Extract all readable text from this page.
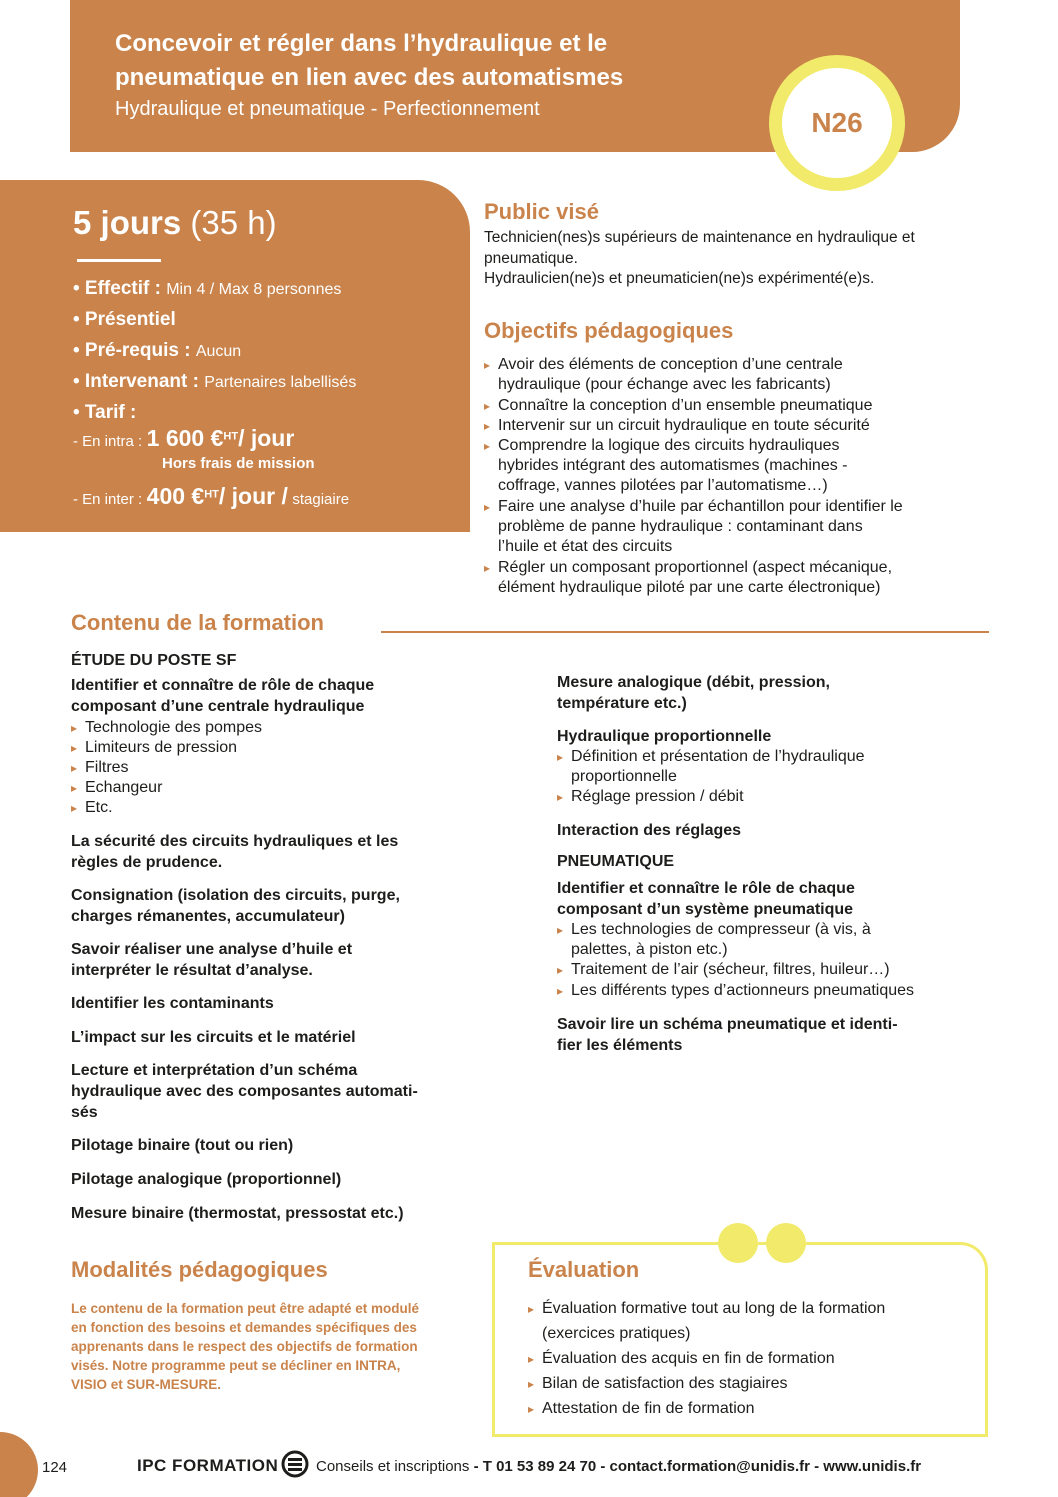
Concevoir et régler dans l’hydraulique et le
pneumatique en lien avec des automatismes
Hydraulique et pneumatique - Perfectionnement	N26
5 jours (35 h)
• Effectif : Min 4 / Max 8 personnes
• Présentiel
• Pré-requis : Aucun
• Intervenant : Partenaires labellisés
• Tarif :
- En intra : 1 600 €$^{HT}$/ jour
Hors frais de mission
- En inter : 400 €$^{HT}$/ jour / stagiaire
Public visé
Technicien(nes)s supérieurs de maintenance en hydraulique et
pneumatique.
Hydraulicien(ne)s et pneumaticien(ne)s expérimenté(e)s.
Objectifs pédagogiques
▸ Avoir des éléments de conception d’une centrale
hydraulique (pour échange avec les fabricants)
▸ Connaître la conception d’un ensemble pneumatique
▸ Intervenir sur un circuit hydraulique en toute sécurité
▸ Comprendre la logique des circuits hydrauliques
hybrides intégrant des automatismes (machines -
coffrage, vannes pilotées par l’automatisme…)
▸ Faire une analyse d’huile par échantillon pour identifier le
problème de panne hydraulique : contaminant dans
l’huile et état des circuits
▸ Régler un composant proportionnel (aspect mécanique,
élément hydraulique piloté par une carte électronique)
Contenu de la formation
ÉTUDE DU POSTE SF
Identifier et connaître de rôle de chaque
composant d’une centrale hydraulique
▸ Technologie des pompes
▸ Limiteurs de pression
▸ Filtres
▸ Echangeur
▸ Etc.
La sécurité des circuits hydrauliques et les
règles de prudence.
Consignation (isolation des circuits, purge,
charges rémanentes, accumulateur)
Savoir réaliser une analyse d’huile et
interpréter le résultat d’analyse.
Identifier les contaminants
L’impact sur les circuits et le matériel
Lecture et interprétation d’un schéma
hydraulique avec des composantes automati-
sés
Pilotage binaire (tout ou rien)
Pilotage analogique (proportionnel)
Mesure binaire (thermostat, pressostat etc.)
Mesure analogique (débit, pression,
température etc.)
Hydraulique proportionnelle
▸ Définition et présentation de l’hydraulique
proportionnelle
▸ Réglage pression / débit
Interaction des réglages
PNEUMATIQUE
Identifier et connaître le rôle de chaque
composant d’un système pneumatique
▸ Les technologies de compresseur (à vis, à
palettes, à piston etc.)
▸ Traitement de l’air (sécheur, filtres, huileur…)
▸ Les différents types d’actionneurs pneumatiques
Savoir lire un schéma pneumatique et identi-
fier les éléments
Modalités pédagogiques
Le contenu de la formation peut être adapté et modulé
en fonction des besoins et demandes spécifiques des
apprenants dans le respect des objectifs de formation
visés. Notre programme peut se décliner en INTRA,
VISIO et SUR-MESURE.
Évaluation
▸ Évaluation formative tout au long de la formation
(exercices pratiques)
▸ Évaluation des acquis en fin de formation
▸ Bilan de satisfaction des stagiaires
▸ Attestation de fin de formation
124	IPC FORMATION	Conseils et inscriptions - T 01 53 89 24 70 - contact.formation@unidis.fr - www.unidis.fr
